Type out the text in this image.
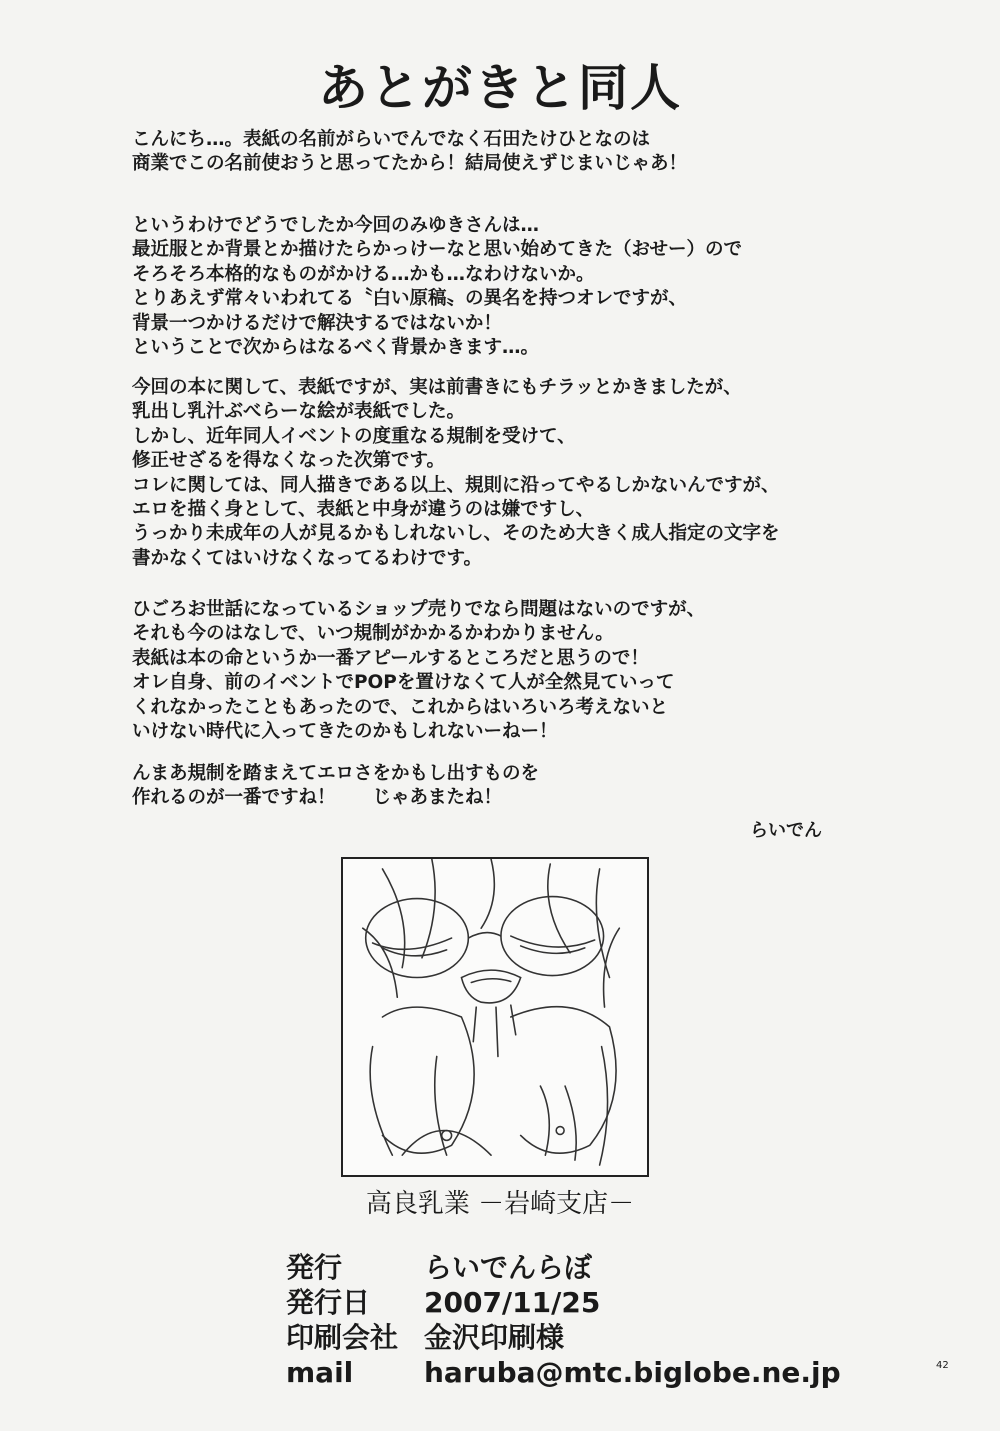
あとがきと同人
こんにち…。表紙の名前がらいでんでなく石田たけひとなのは
商業でこの名前使おうと思ってたから！結局使えずじまいじゃあ！
というわけでどうでしたか今回のみゆきさんは…
最近服とか背景とか描けたらかっけーなと思い始めてきた（おせー）ので
そろそろ本格的なものがかける…かも…なわけないか。
とりあえず常々いわれてる〝白い原稿〟の異名を持つオレですが、
背景一つかけるだけで解決するではないか！
ということで次からはなるべく背景かきます…。
今回の本に関して、表紙ですが、実は前書きにもチラッとかきましたが、
乳出し乳汁ぶべらーな絵が表紙でした。
しかし、近年同人イベントの度重なる規制を受けて、
修正せざるを得なくなった次第です。
コレに関しては、同人描きである以上、規則に沿ってやるしかないんですが、
エロを描く身として、表紙と中身が違うのは嫌ですし、
うっかり未成年の人が見るかもしれないし、そのため大きく成人指定の文字を
書かなくてはいけなくなってるわけです。
ひごろお世話になっているショップ売りでなら問題はないのですが、
それも今のはなしで、いつ規制がかかるかわかりません。
表紙は本の命というか一番アピールするところだと思うので！
オレ自身、前のイベントでPOPを置けなくて人が全然見ていって
くれなかったこともあったので、これからはいろいろ考えないと
いけない時代に入ってきたのかもしれないーねー！
んまあ規制を踏まえてエロさをかもし出すものを
作れるのが一番ですね！　　じゃあまたね！
らいでん
高良乳業 －岩崎支店－
発行	らいでんらぼ
発行日	2007/11/25
印刷会社 金沢印刷様
mail	haruba@mtc.biglobe.ne.jp	42
